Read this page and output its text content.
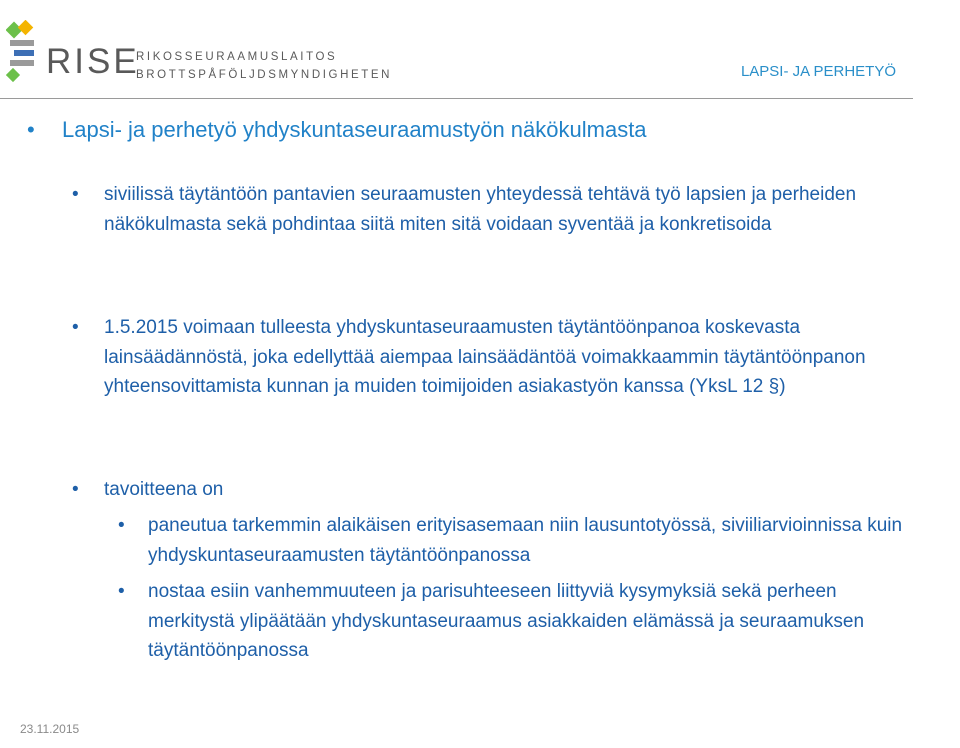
RISE
RIKOSSEURAAMUSLAITOS
BROTTSPÅFÖLJDSMYNDIGHETEN	LAPSI- JA PERHETYÖ
• Lapsi- ja perhetyö yhdyskuntaseuraamustyön näkökulmasta
• siviilissä täytäntöön pantavien seuraamusten yhteydessä tehtävä työ lapsien ja perheiden näkökulmasta sekä pohdintaa siitä miten sitä voidaan syventää ja konkretisoida
• 1.5.2015 voimaan tulleesta yhdyskuntaseuraamusten täytäntöönpanoa koskevasta lainsäädännöstä, joka edellyttää aiempaa lainsäädäntöä voimakkaammin täytäntöönpanon yhteensovittamista kunnan ja muiden toimijoiden asiakastyön kanssa (YksL 12 §)
• tavoitteena on
• paneutua tarkemmin alaikäisen erityisasemaan niin lausuntotyössä, siviiliarvioinnissa kuin yhdyskuntaseuraamusten täytäntöönpanossa
• nostaa esiin vanhemmuuteen ja parisuhteeseen liittyviä kysymyksiä sekä perheen merkitystä ylipäätään yhdyskuntaseuraamus asiakkaiden elämässä ja seuraamuksen täytäntöönpanossa
23.11.2015
